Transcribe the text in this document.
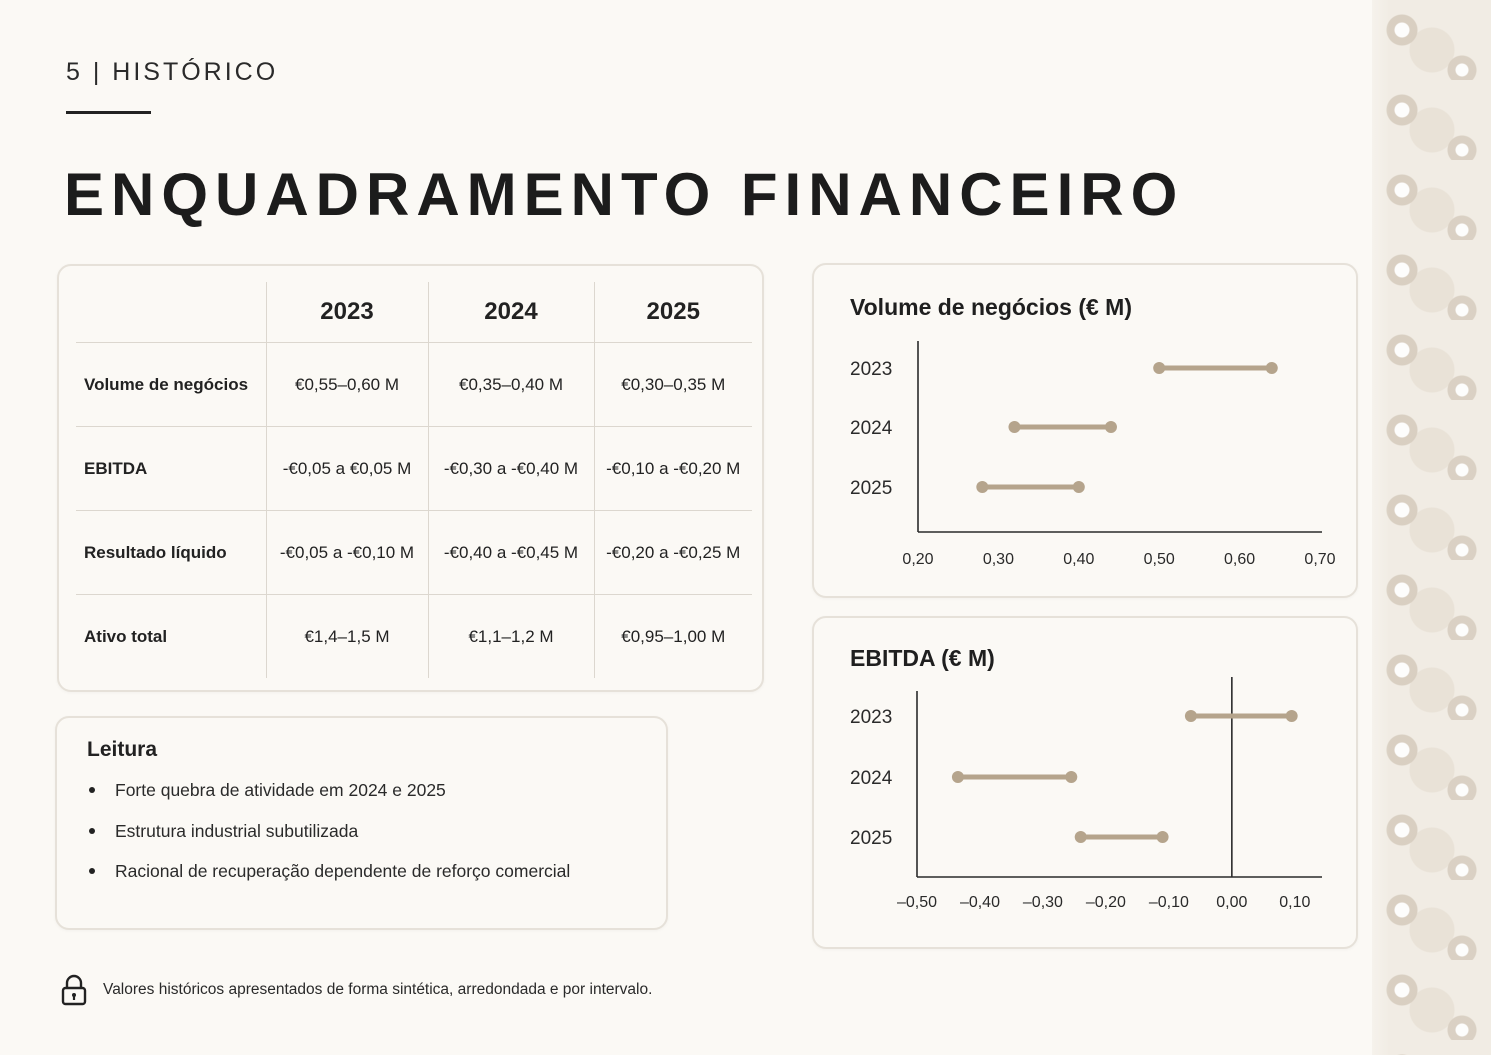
5 | HISTÓRICO
ENQUADRAMENTO FINANCEIRO
	2023	2024	2025
Volume de negócios	€0,55–0,60 M	€0,35–0,40 M	€0,30–0,35 M
EBITDA	-€0,05 a €0,05 M	-€0,30 a -€0,40 M	-€0,10 a -€0,20 M
Resultado líquido	-€0,05 a -€0,10 M	-€0,40 a -€0,45 M	-€0,20 a -€0,25 M
Ativo total	€1,4–1,5 M	€1,1–1,2 M	€0,95–1,00 M
Leitura
Forte quebra de atividade em 2024 e 2025
Estrutura industrial subutilizada
Racional de recuperação dependente de reforço comercial
Volume de negócios (€ M)
0,20	0,30	0,40	0,50	0,60	0,70
2023
2024
2025
EBITDA (€ M)
–0,50 –0,40 –0,30 –0,20 –0,10 0,00 0,10
2023
2024
2025
Valores históricos apresentados de forma sintética, arredondada e por intervalo.
